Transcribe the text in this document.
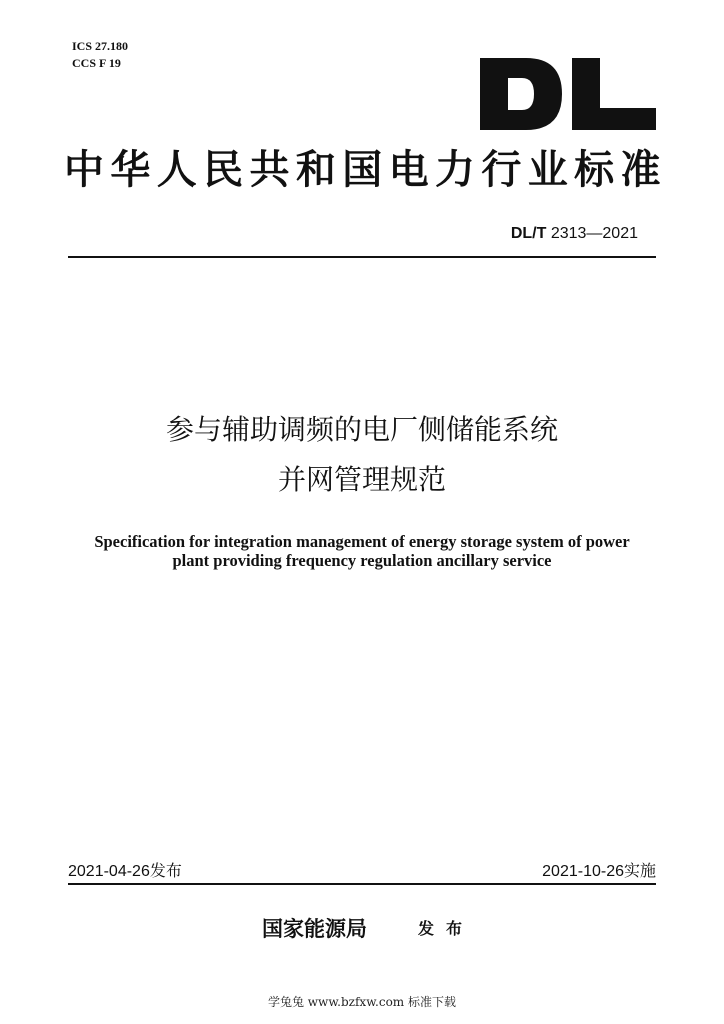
ICS 27.180
CCS F 19
中华人民共和国电力行业标准
DL/T 2313—2021
参与辅助调频的电厂侧储能系统
并网管理规范
Specification for integration management of energy storage system of power
plant providing frequency regulation ancillary service
2021-04-26发布	2021-10-26实施
国家能源局	发布
学兔兔 www.bzfxw.com 标准下载
